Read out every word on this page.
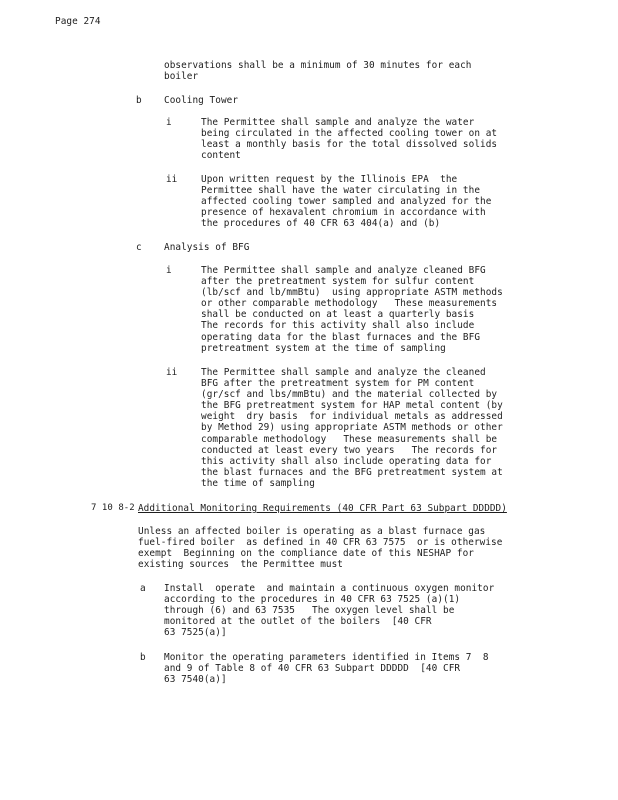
Page 274
observations shall be a minimum of 30 minutes for each
boiler
b Cooling Tower
i	The Permittee shall sample and analyze the water
being circulated in the affected cooling tower on at
least a monthly basis for the total dissolved solids
content
ii	Upon written request by the Illinois EPA  the
Permittee shall have the water circulating in the
affected cooling tower sampled and analyzed for the
presence of hexavalent chromium in accordance with
the procedures of 40 CFR 63 404(a) and (b)
c Analysis of BFG
i	The Permittee shall sample and analyze cleaned BFG
after the pretreatment system for sulfur content
(lb/scf and lb/mmBtu)  using appropriate ASTM methods
or other comparable methodology   These measurements
shall be conducted on at least a quarterly basis
The records for this activity shall also include
operating data for the blast furnaces and the BFG
pretreatment system at the time of sampling
ii	The Permittee shall sample and analyze the cleaned
BFG after the pretreatment system for PM content
(gr/scf and lbs/mmBtu) and the material collected by
the BFG pretreatment system for HAP metal content (by
weight  dry basis  for individual metals as addressed
by Method 29) using appropriate ASTM methods or other
comparable methodology   These measurements shall be
conducted at least every two years   The records for
this activity shall also include operating data for
the blast furnaces and the BFG pretreatment system at
the time of sampling
7 10 8-2 Additional Monitoring Requirements (40 CFR Part 63 Subpart DDDDD)
Unless an affected boiler is operating as a blast furnace gas
fuel-fired boiler  as defined in 40 CFR 63 7575  or is otherwise
exempt  Beginning on the compliance date of this NESHAP for
existing sources  the Permittee must
a Install  operate  and maintain a continuous oxygen monitor
according to the procedures in 40 CFR 63 7525 (a)(1)
through (6) and 63 7535   The oxygen level shall be
monitored at the outlet of the boilers  [40 CFR
63 7525(a)]
b Monitor the operating parameters identified in Items 7  8
and 9 of Table 8 of 40 CFR 63 Subpart DDDDD  [40 CFR
63 7540(a)]
